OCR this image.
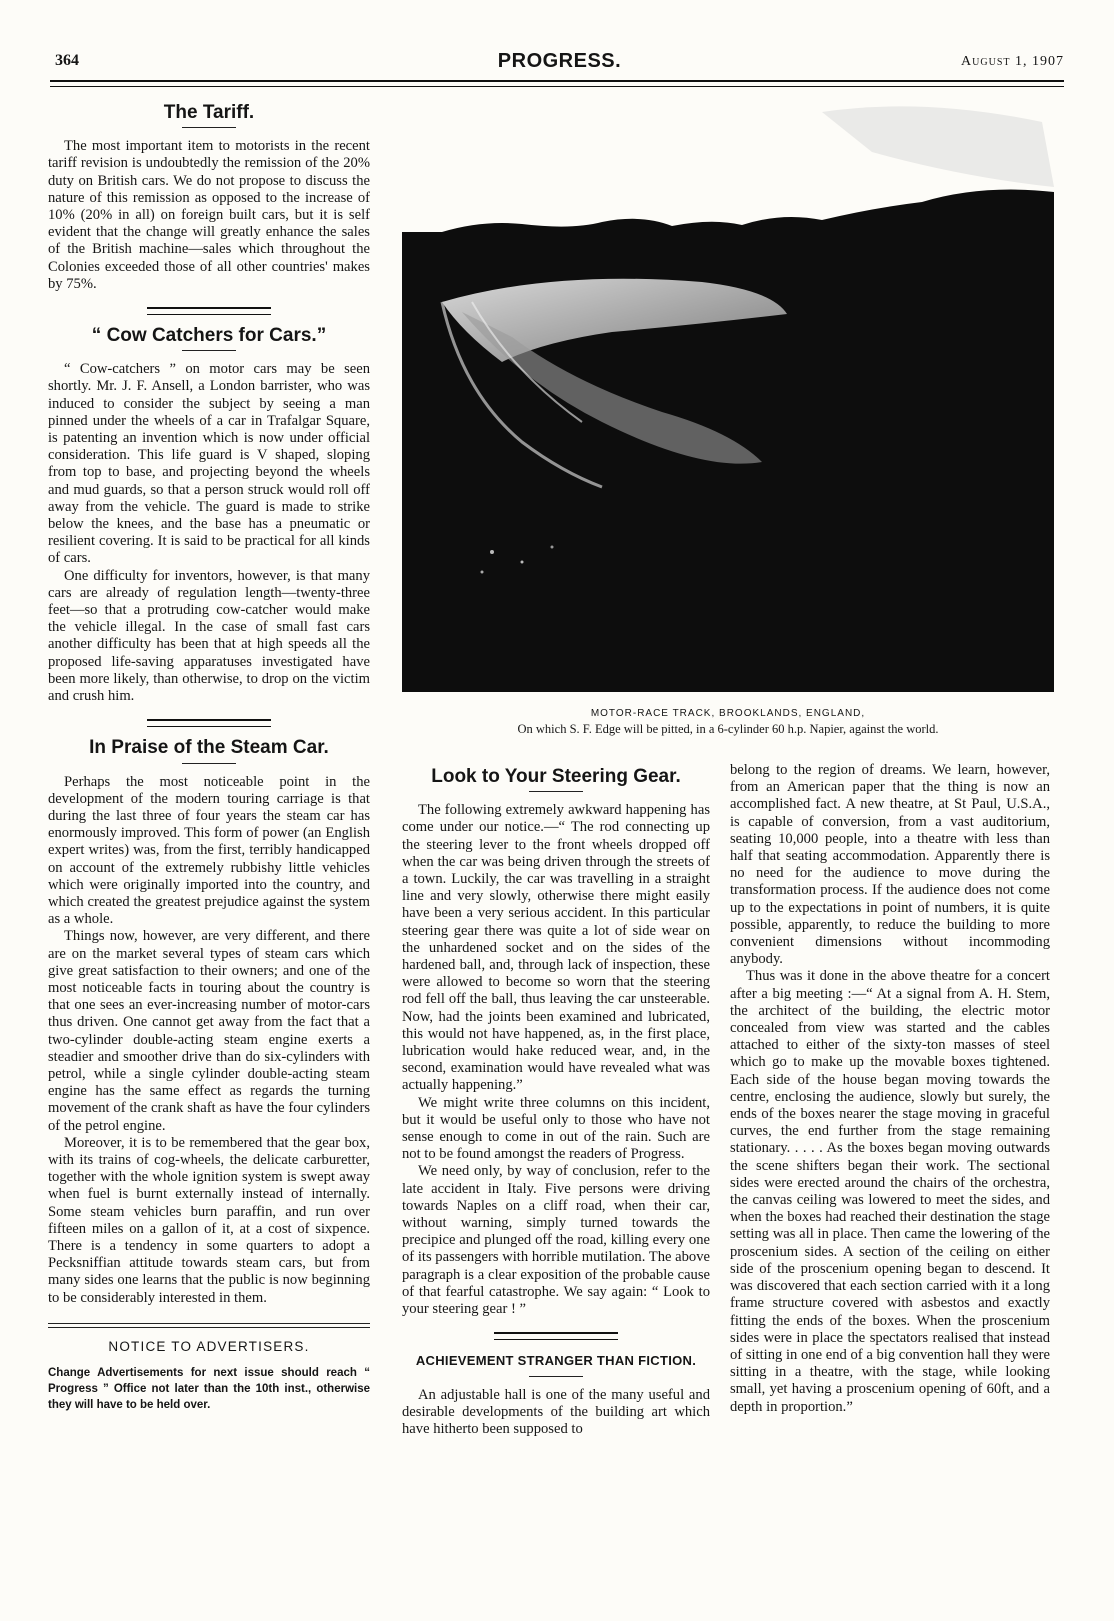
364	PROGRESS.	August 1, 1907
The Tariff.

The most important item to motorists in the recent tariff revision is undoubtedly the remission of the 20% duty on British cars. We do not propose to discuss the nature of this remission as opposed to the increase of 10% (20% in all) on foreign built cars, but it is self evident that the change will greatly enhance the sales of the British machine—sales which throughout the Colonies exceeded those of all other countries' makes by 75%.

“ Cow Catchers for Cars.”

“ Cow-catchers ” on motor cars may be seen shortly. Mr. J. F. Ansell, a London barrister, who was induced to consider the subject by seeing a man pinned under the wheels of a car in Trafalgar Square, is patenting an invention which is now under official consideration. This life guard is V shaped, sloping from top to base, and projecting beyond the wheels and mud guards, so that a person struck would roll off away from the vehicle. The guard is made to strike below the knees, and the base has a pneumatic or resilient covering. It is said to be practical for all kinds of cars.

One difficulty for inventors, however, is that many cars are already of regulation length—twenty-three feet—so that a protruding cow-catcher would make the vehicle illegal. In the case of small fast cars another difficulty has been that at high speeds all the proposed life-saving apparatuses investigated have been more likely, than otherwise, to drop on the victim and crush him.

In Praise of the Steam Car.

Perhaps the most noticeable point in the development of the modern touring carriage is that during the last three of four years the steam car has enormously improved. This form of power (an English expert writes) was, from the first, terribly handicapped on account of the extremely rubbishy little vehicles which were originally imported into the country, and which created the greatest prejudice against the system as a whole.

Things now, however, are very different, and there are on the market several types of steam cars which give great satisfaction to their owners; and one of the most noticeable facts in touring about the country is that one sees an ever-increasing number of motor-cars thus driven. One cannot get away from the fact that a two-cylinder double-acting steam engine exerts a steadier and smoother drive than do six-cylinders with petrol, while a single cylinder double-acting steam engine has the same effect as regards the turning movement of the crank shaft as have the four cylinders of the petrol engine.

Moreover, it is to be remembered that the gear box, with its trains of cog-wheels, the delicate carburetter, together with the whole ignition system is swept away when fuel is burnt externally instead of internally. Some steam vehicles burn paraffin, and run over fifteen miles on a gallon of it, at a cost of sixpence. There is a tendency in some quarters to adopt a Pecksniffian attitude towards steam cars, but from many sides one learns that the public is now beginning to be considerably interested in them.

NOTICE TO ADVERTISERS.
Change Advertisements for next issue should reach “ Progress ” Office not later than the 10th inst., otherwise they will have to be held over.
MOTOR-RACE TRACK, BROOKLANDS, ENGLAND,
On which S. F. Edge will be pitted, in a 6-cylinder 60 h.p. Napier, against the world.
Look to Your Steering Gear.

The following extremely awkward happening has come under our notice.—“ The rod connecting up the steering lever to the front wheels dropped off when the car was being driven through the streets of a town. Luckily, the car was travelling in a straight line and very slowly, otherwise there might easily have been a very serious accident. In this particular steering gear there was quite a lot of side wear on the unhardened socket and on the sides of the hardened ball, and, through lack of inspection, these were allowed to become so worn that the steering rod fell off the ball, thus leaving the car unsteerable. Now, had the joints been examined and lubricated, this would not have happened, as, in the first place, lubrication would hake reduced wear, and, in the second, examination would have revealed what was actually happening.”

We might write three columns on this incident, but it would be useful only to those who have not sense enough to come in out of the rain. Such are not to be found amongst the readers of Progress.

We need only, by way of conclusion, refer to the late accident in Italy. Five persons were driving towards Naples on a cliff road, when their car, without warning, simply turned towards the precipice and plunged off the road, killing every one of its passengers with horrible mutilation. The above paragraph is a clear exposition of the probable cause of that fearful catastrophe. We say again: “ Look to your steering gear ! ”

ACHIEVEMENT STRANGER THAN FICTION.

An adjustable hall is one of the many useful and desirable developments of the building art which have hitherto been supposed to

belong to the region of dreams. We learn, however, from an American paper that the thing is now an accomplished fact. A new theatre, at St Paul, U.S.A., is capable of conversion, from a vast auditorium, seating 10,000 people, into a theatre with less than half that seating accommodation. Apparently there is no need for the audience to move during the transformation process. If the audience does not come up to the expectations in point of numbers, it is quite possible, apparently, to reduce the building to more convenient dimensions without incommoding anybody.

Thus was it done in the above theatre for a concert after a big meeting :—“ At a signal from A. H. Stem, the architect of the building, the electric motor concealed from view was started and the cables attached to either of the sixty-ton masses of steel which go to make up the movable boxes tightened. Each side of the house began moving towards the centre, enclosing the audience, slowly but surely, the ends of the boxes nearer the stage moving in graceful curves, the end further from the stage remaining stationary. . . . . As the boxes began moving outwards the scene shifters began their work. The sectional sides were erected around the chairs of the orchestra, the canvas ceiling was lowered to meet the sides, and when the boxes had reached their destination the stage setting was all in place. Then came the lowering of the proscenium sides. A section of the ceiling on either side of the proscenium opening began to descend. It was discovered that each section carried with it a long frame structure covered with asbestos and exactly fitting the ends of the boxes. When the proscenium sides were in place the spectators realised that instead of sitting in one end of a big convention hall they were sitting in a theatre, with the stage, while looking small, yet having a proscenium opening of 60ft, and a depth in proportion.”
